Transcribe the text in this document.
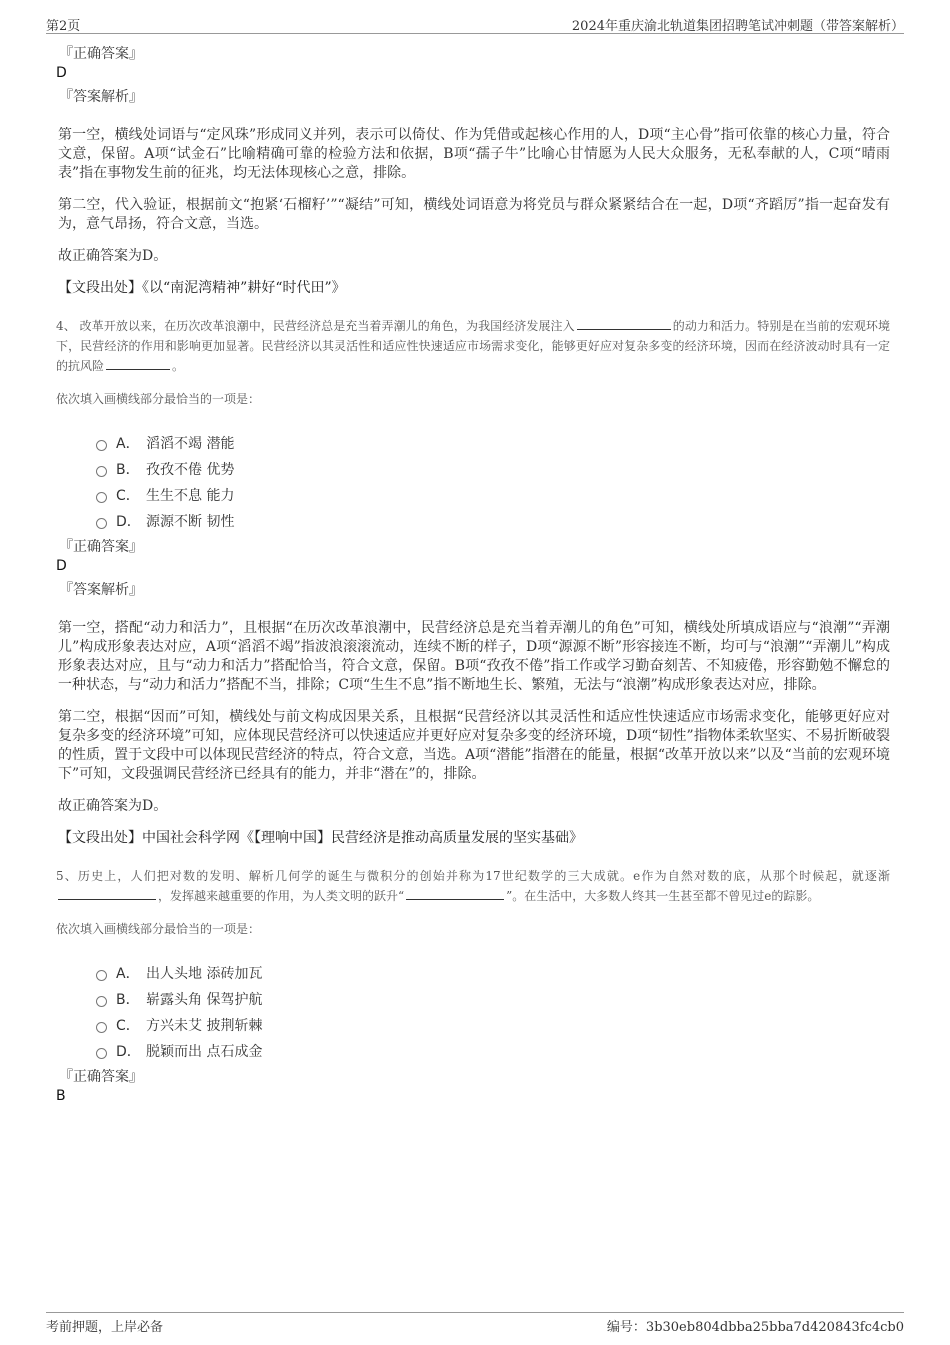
第2页	2024年重庆渝北轨道集团招聘笔试冲刺题（带答案解析）
『正确答案』
D
『答案解析』

第一空，横线处词语与“定风珠”形成同义并列，表示可以倚仗、作为凭借或起核心作用的人，D项“主心骨”指可依靠的核心力量，符合文意，保留。A项“试金石”比喻精确可靠的检验方法和依据，B项“孺子牛”比喻心甘情愿为人民大众服务，无私奉献的人，C项“晴雨表”指在事物发生前的征兆，均无法体现核心之意，排除。

第二空，代入验证，根据前文“抱紧‘石榴籽’”“凝结”可知，横线处词语意为将党员与群众紧紧结合在一起，D项“齐蹈厉”指一起奋发有为，意气昂扬，符合文意，当选。

故正确答案为D。

【文段出处】《以“南泥湾精神”耕好“时代田”》

4、 改革开放以来，在历次改革浪潮中，民营经济总是充当着弄潮儿的角色，为我国经济发展注入	的动力和活力。特别是在当前的宏观环境下，民营经济的作用和影响更加显著。民营经济以其灵活性和适应性快速适应市场需求变化，能够更好应对复杂多变的经济环境，因而在经济波动时具有一定的抗风险	。

依次填入画横线部分最恰当的一项是：

A． 滔滔不竭 潜能
B． 孜孜不倦 优势
C． 生生不息 能力
D． 源源不断 韧性
『正确答案』
D
『答案解析』

第一空，搭配“动力和活力”，且根据“在历次改革浪潮中，民营经济总是充当着弄潮儿的角色”可知，横线处所填成语应与“浪潮”“弄潮儿”构成形象表达对应，A项“滔滔不竭”指波浪滚滚流动，连续不断的样子，D项“源源不断”形容接连不断，均可与“浪潮”“弄潮儿”构成形象表达对应，且与“动力和活力”搭配恰当，符合文意，保留。B项“孜孜不倦”指工作或学习勤奋刻苦、不知疲倦，形容勤勉不懈怠的一种状态，与“动力和活力”搭配不当，排除；C项“生生不息”指不断地生长、繁殖，无法与“浪潮”构成形象表达对应，排除。

第二空，根据“因而”可知，横线处与前文构成因果关系，且根据“民营经济以其灵活性和适应性快速适应市场需求变化，能够更好应对复杂多变的经济环境”可知，应体现民营经济可以快速适应并更好应对复杂多变的经济环境，D项“韧性”指物体柔软坚实、不易折断破裂的性质，置于文段中可以体现民营经济的特点，符合文意，当选。A项“潜能”指潜在的能量，根据“改革开放以来”以及“当前的宏观环境下”可知，文段强调民营经济已经具有的能力，并非“潜在”的，排除。

故正确答案为D。

【文段出处】中国社会科学网《【理响中国】民营经济是推动高质量发展的坚实基础》

5、历史上，人们把对数的发明、解析几何学的诞生与微积分的创始并称为17世纪数学的三大成就。e作为自然对数的底，从那个时候起，就逐渐，发挥越来越重要的作用，为人类文明的跃升“	”。在生活中，大多数人终其一生甚至都不曾见过e的踪影。

依次填入画横线部分最恰当的一项是：

A． 出人头地 添砖加瓦
B． 崭露头角 保驾护航
C． 方兴未艾 披荆斩棘
D． 脱颖而出 点石成金
『正确答案』
B
考前押题，上岸必备	编号：3b30eb804dbba25bba7d420843fc4cb0
